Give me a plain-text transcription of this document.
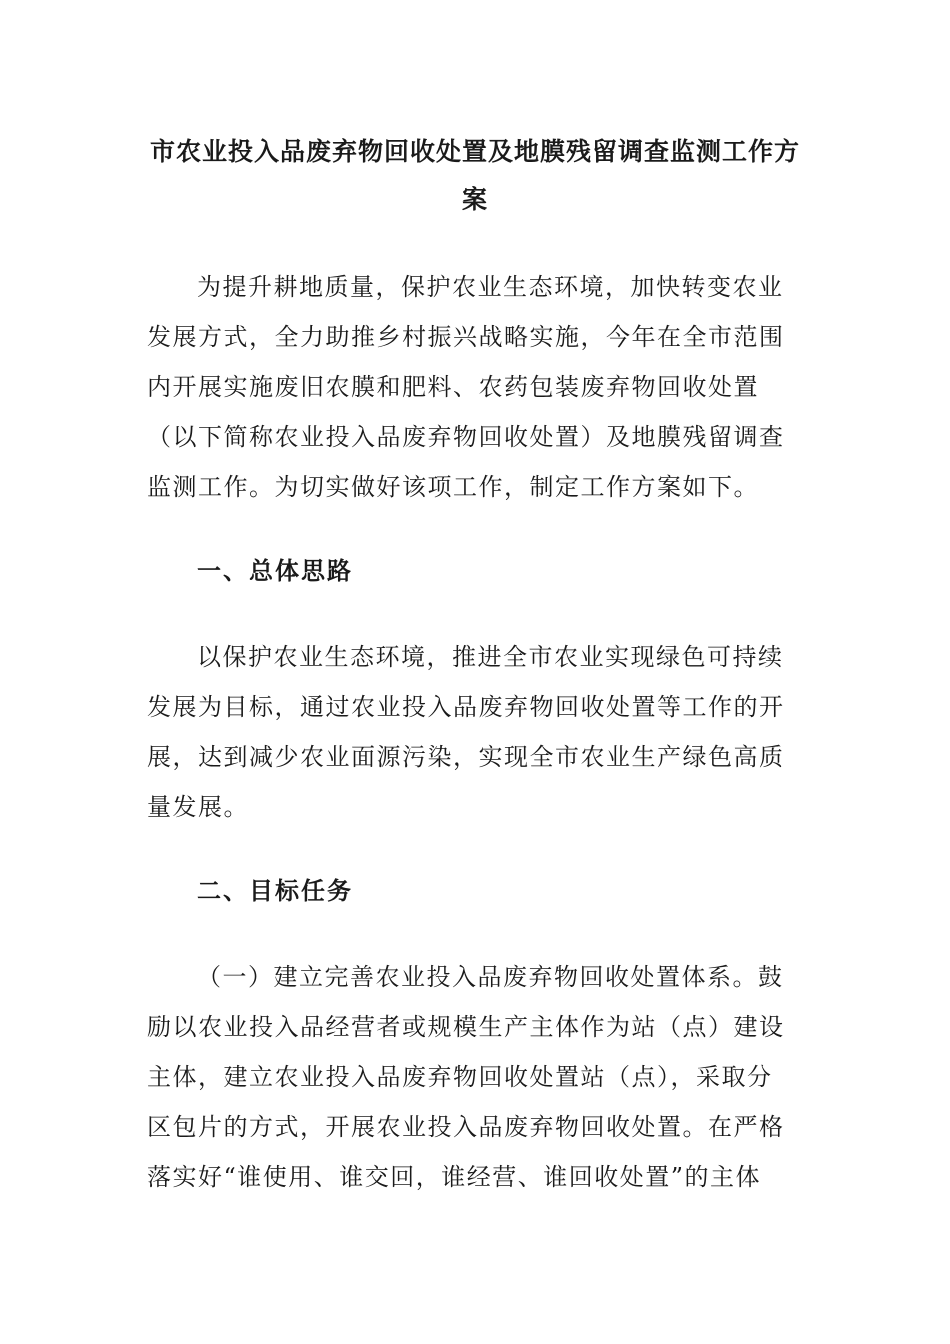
市农业投入品废弃物回收处置及地膜残留调查监测工作方
案
为提升耕地质量，保护农业生态环境，加快转变农业
发展方式，全力助推乡村振兴战略实施，今年在全市范围
内开展实施废旧农膜和肥料、农药包装废弃物回收处置
（以下简称农业投入品废弃物回收处置）及地膜残留调查
监测工作。为切实做好该项工作，制定工作方案如下。
一、总体思路
以保护农业生态环境，推进全市农业实现绿色可持续
发展为目标，通过农业投入品废弃物回收处置等工作的开
展，达到减少农业面源污染，实现全市农业生产绿色高质
量发展。
二、目标任务
（一）建立完善农业投入品废弃物回收处置体系。鼓
励以农业投入品经营者或规模生产主体作为站（点）建设
主体，建立农业投入品废弃物回收处置站（点），采取分
区包片的方式，开展农业投入品废弃物回收处置。在严格
落实好“谁使用、谁交回，谁经营、谁回收处置”的主体
